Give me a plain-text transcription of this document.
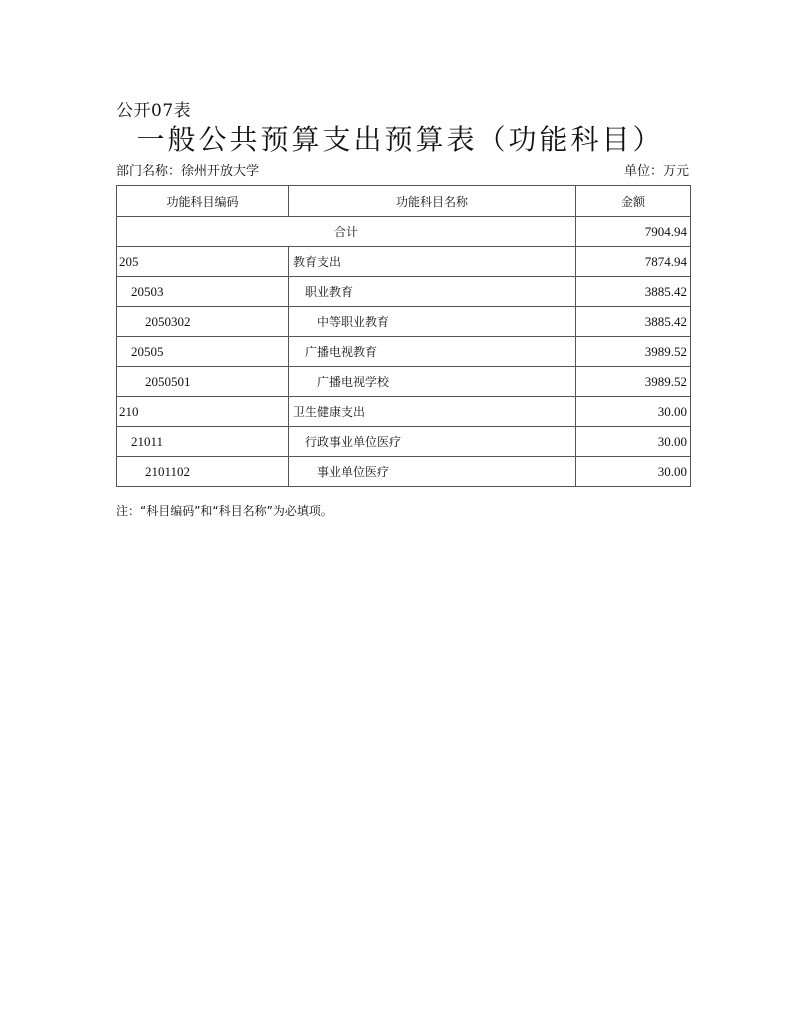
公开07表
一般公共预算支出预算表（功能科目）
部门名称：徐州开放大学	单位：万元
功能科目编码	功能科目名称	金额
合计		7904.94
205	教育支出	7874.94
20503	职业教育	3885.42
2050302	中等职业教育	3885.42
20505	广播电视教育	3989.52
2050501	广播电视学校	3989.52
210	卫生健康支出	30.00
21011	行政事业单位医疗	30.00
2101102	事业单位医疗	30.00
注：“科目编码”和“科目名称”为必填项。
